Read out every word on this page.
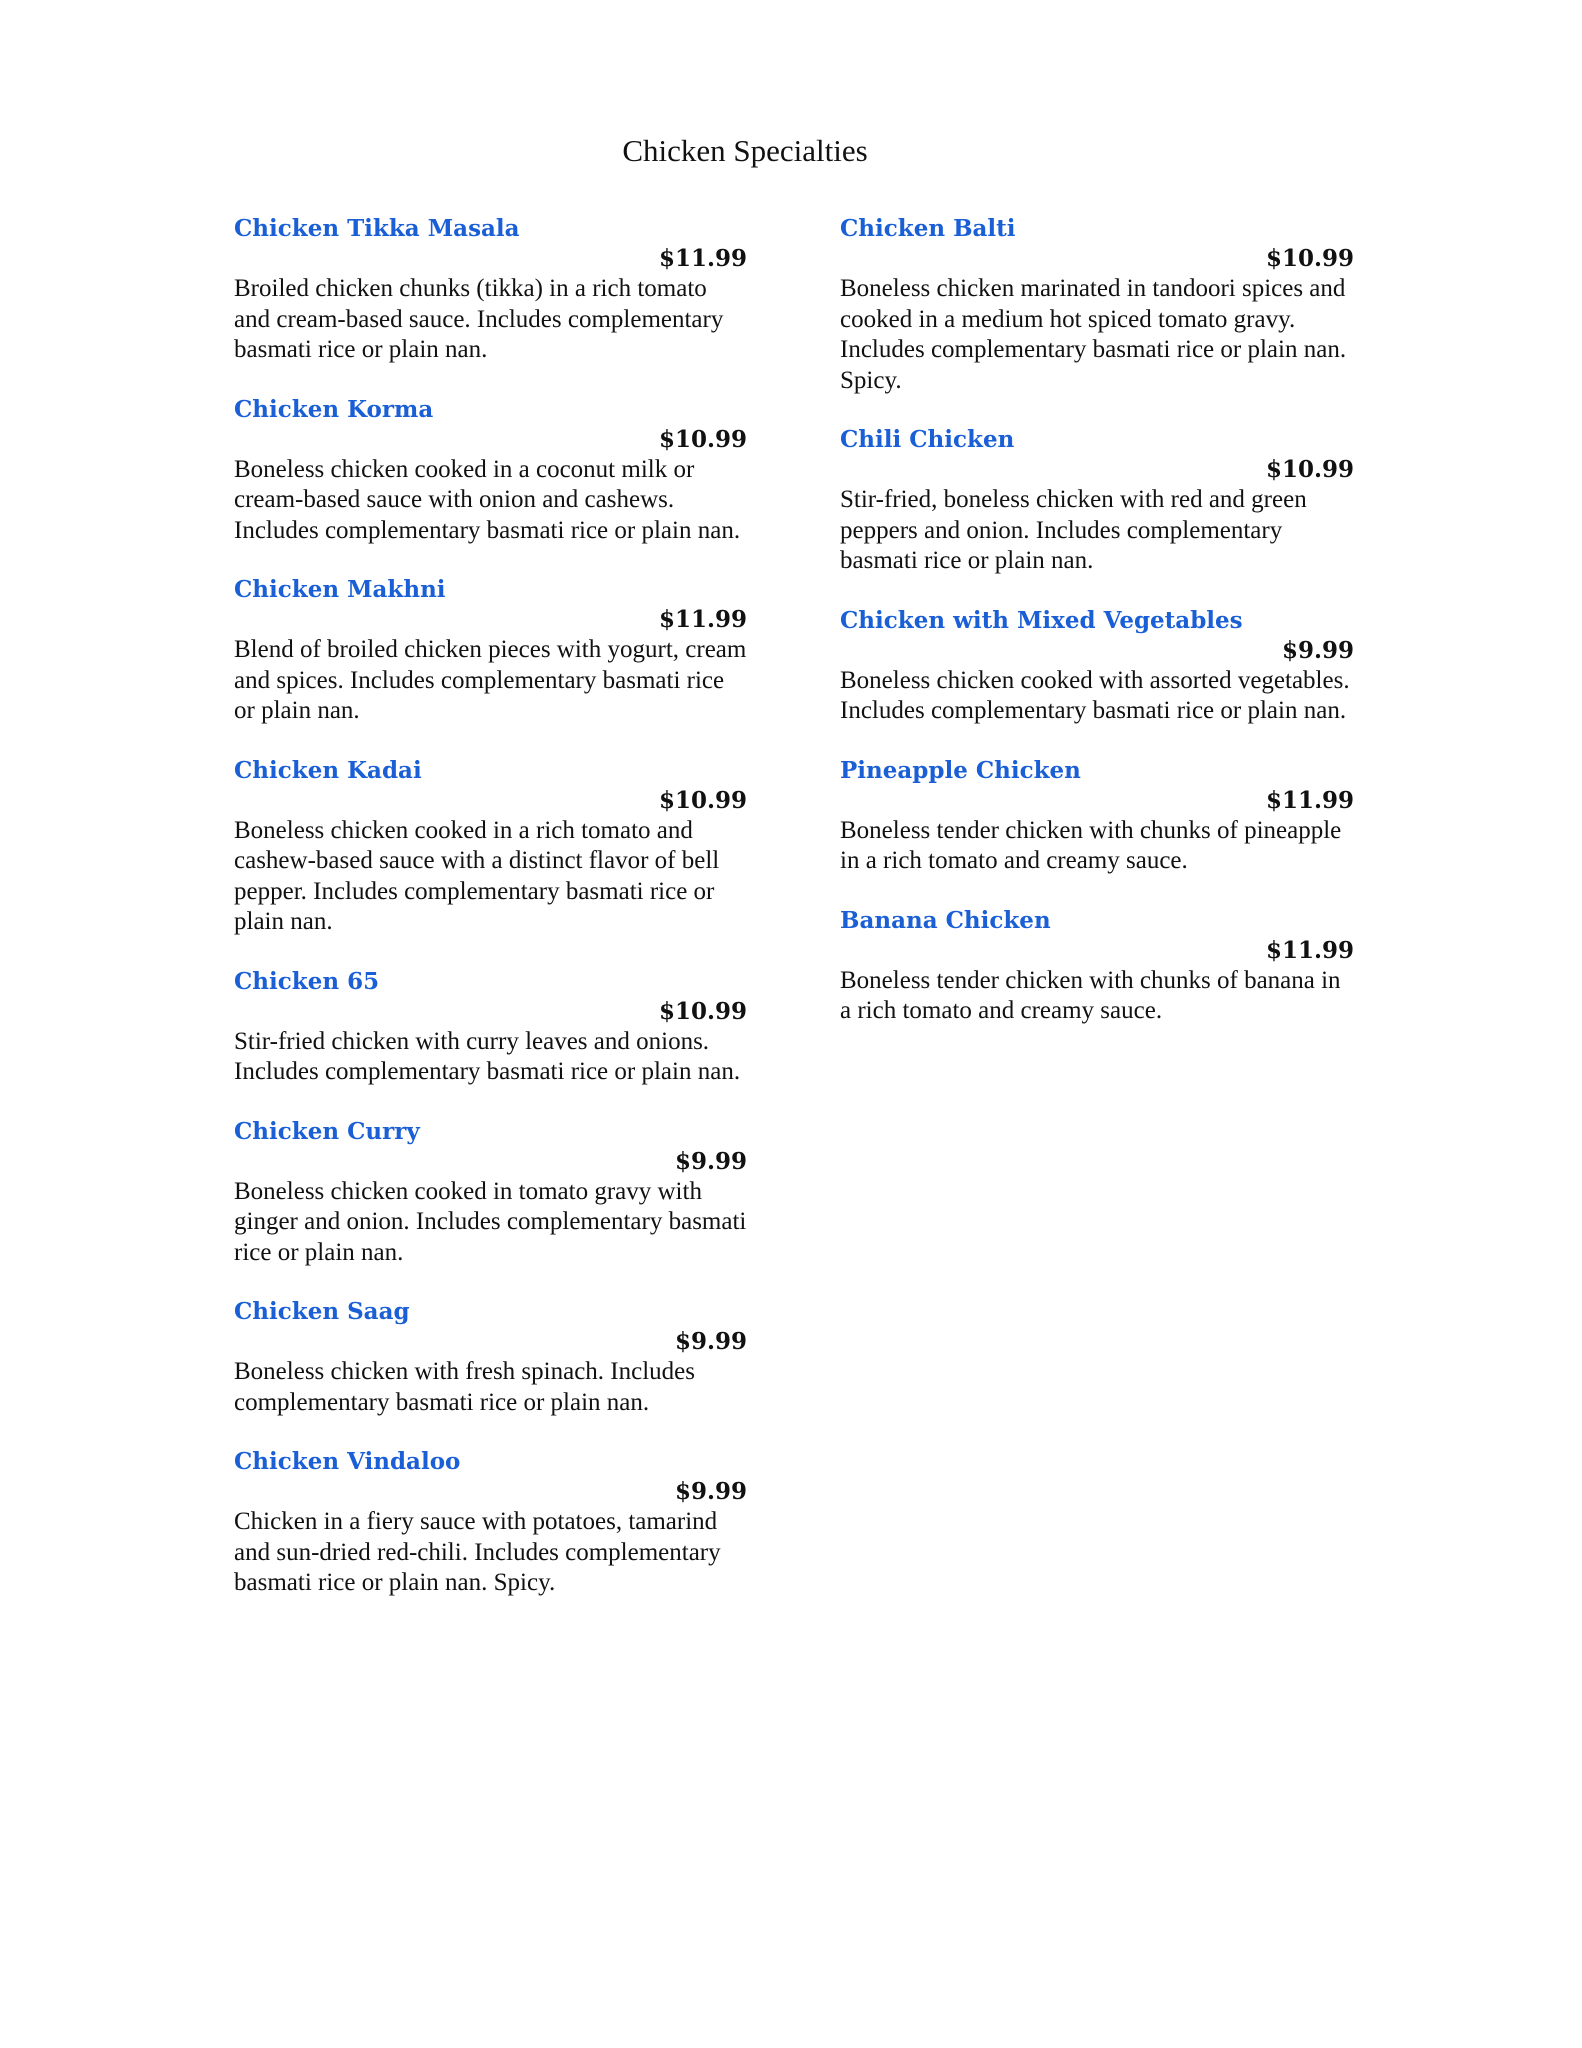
Chicken Specialties

Chicken Tikka Masala

$11.99

Broiled chicken chunks (tikka) in a rich tomato and cream-based sauce. Includes complementary basmati rice or plain nan.

Chicken Korma

$10.99

Boneless chicken cooked in a coconut milk or cream-based sauce with onion and cashews. Includes complementary basmati rice or plain nan.

Chicken Makhni

$11.99

Blend of broiled chicken pieces with yogurt, cream and spices. Includes complementary basmati rice or plain nan.

Chicken Kadai

$10.99

Boneless chicken cooked in a rich tomato and cashew-based sauce with a distinct flavor of bell pepper. Includes complementary basmati rice or plain nan.

Chicken 65

$10.99

Stir-fried chicken with curry leaves and onions. Includes complementary basmati rice or plain nan.

Chicken Curry

$9.99

Boneless chicken cooked in tomato gravy with ginger and onion. Includes complementary basmati rice or plain nan.

Chicken Saag

$9.99

Boneless chicken with fresh spinach. Includes complementary basmati rice or plain nan.

Chicken Vindaloo

$9.99

Chicken in a fiery sauce with potatoes, tamarind and sun-dried red-chili. Includes complementary basmati rice or plain nan. Spicy.

Chicken Balti

$10.99

Boneless chicken marinated in tandoori spices and cooked in a medium hot spiced tomato gravy. Includes complementary basmati rice or plain nan. Spicy.

Chili Chicken

$10.99

Stir-fried, boneless chicken with red and green peppers and onion. Includes complementary basmati rice or plain nan.

Chicken with Mixed Vegetables

$9.99

Boneless chicken cooked with assorted vegetables. Includes complementary basmati rice or plain nan.

Pineapple Chicken

$11.99

Boneless tender chicken with chunks of pineapple in a rich tomato and creamy sauce.

Banana Chicken

$11.99

Boneless tender chicken with chunks of banana in a rich tomato and creamy sauce.
